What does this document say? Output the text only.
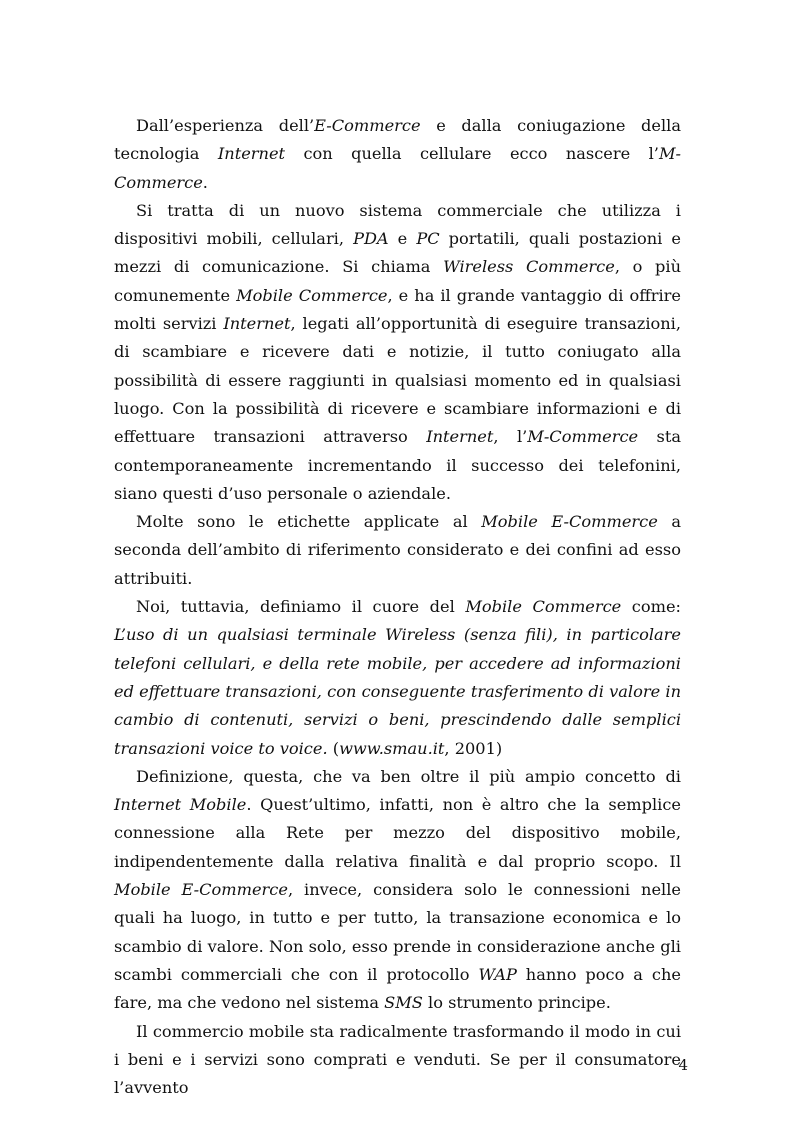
Dall’esperienza dell’E-Commerce e dalla coniugazione della tecnologia Internet con quella cellulare ecco nascere l’M-Commerce.

Si tratta di un nuovo sistema commerciale che utilizza i dispositivi mobili, cellulari, PDA e PC portatili, quali postazioni e mezzi di comunicazione. Si chiama Wireless Commerce, o più comunemente Mobile Commerce, e ha il grande vantaggio di offrire molti servizi Internet, legati all’opportunità di eseguire transazioni, di scambiare e ricevere dati e notizie, il tutto coniugato alla possibilità di essere raggiunti in qualsiasi momento ed in qualsiasi luogo. Con la possibilità di ricevere e scambiare informazioni e di effettuare transazioni attraverso Internet, l’M-Commerce sta contemporaneamente incrementando il successo dei telefonini, siano questi d’uso personale o aziendale.

Molte sono le etichette applicate al Mobile E-Commerce a seconda dell’ambito di riferimento considerato e dei confini ad esso attribuiti.

Noi, tuttavia, definiamo il cuore del Mobile Commerce come: L’uso di un qualsiasi terminale Wireless (senza fili), in particolare telefoni cellulari, e della rete mobile, per accedere ad informazioni ed effettuare transazioni, con conseguente trasferimento di valore in cambio di contenuti, servizi o beni, prescindendo dalle semplici transazioni voice to voice. (www.smau.it, 2001)

Definizione, questa, che va ben oltre il più ampio concetto di Internet Mobile. Quest’ultimo, infatti, non è altro che la semplice connessione alla Rete per mezzo del dispositivo mobile, indipendentemente dalla relativa finalità e dal proprio scopo. Il Mobile E-Commerce, invece, considera solo le connessioni nelle quali ha luogo, in tutto e per tutto, la transazione economica e lo scambio di valore. Non solo, esso prende in considerazione anche gli scambi commerciali che con il protocollo WAP hanno poco a che fare, ma che vedono nel sistema SMS lo strumento principe.

Il commercio mobile sta radicalmente trasformando il modo in cui i beni e i servizi sono comprati e venduti. Se per il consumatore l’avvento

4
